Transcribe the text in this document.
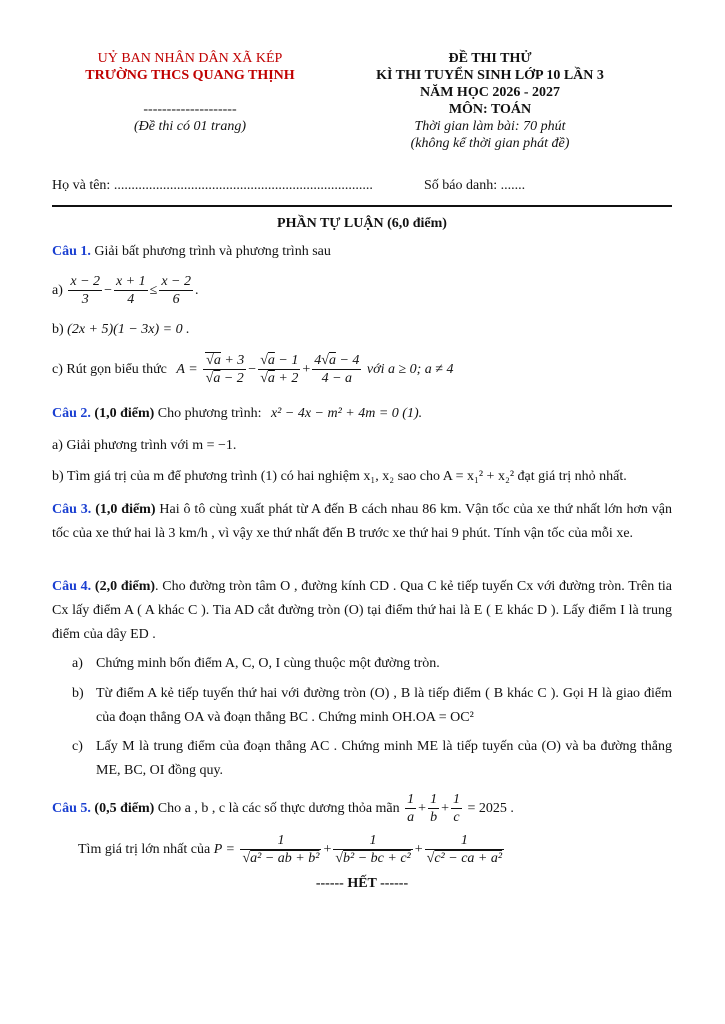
UỶ BAN NHÂN DÂN XÃ KÉP
TRƯỜNG THCS QUANG THỊNH
--------------------
(Đề thi có 01 trang)
ĐỀ THI THỬ
KÌ THI TUYỂN SINH LỚP 10 LẦN 3
NĂM HỌC 2026 - 2027
MÔN: TOÁN
Thời gian làm bài: 70 phút
(không kể thời gian phát đề)
Họ và tên: ..........................................................................	Số báo danh: .......
PHẦN TỰ LUẬN (6,0 điểm)
Câu 1. Giải bất phương trình và phương trình sau
$a) \frac{x - 2}{3} - \frac{x + 1}{4} \le \frac{x - 2}{6}$ .
b) (2x + 5)(1 − 3x) = 0 .
c) Rút gọn biểu thức $A = \frac{√a + 3}{√a - 2} - \frac{√a - 1}{√a + 2} + \frac{4√a - 4}{4 - a}$ với a ≥ 0; a ≠ 4
Câu 2. (1,0 điểm) Cho phương trình: x² − 4x − m² + 4m = 0 (1).
a) Giải phương trình với m = −1.
b) Tìm giá trị của m để phương trình (1) có hai nghiệm x₁, x₂ sao cho A = x₁² + x₂² đạt giá trị nhỏ nhất.
Câu 3. (1,0 điểm) Hai ô tô cùng xuất phát từ A đến B cách nhau 86 km. Vận tốc của xe thứ nhất lớn hơn vận tốc của xe thứ hai là 3 km/h , vì vậy xe thứ nhất đến B trước xe thứ hai 9 phút. Tính vận tốc của mỗi xe.
Câu 4. (2,0 điểm). Cho đường tròn tâm O , đường kính CD . Qua C kẻ tiếp tuyến Cx với đường tròn. Trên tia Cx lấy điểm A ( A khác C ). Tia AD cắt đường tròn (O) tại điểm thứ hai là E ( E khác D ). Lấy điểm I là trung điểm của dây ED .
a) Chứng minh bốn điểm A, C, O, I cùng thuộc một đường tròn.
b) Từ điểm A kẻ tiếp tuyến thứ hai với đường tròn (O) , B là tiếp điểm ( B khác C ). Gọi H là giao điểm của đoạn thẳng OA và đoạn thẳng BC . Chứng minh OH.OA = OC²
c) Lấy M là trung điểm của đoạn thẳng AC . Chứng minh ME là tiếp tuyến của (O) và ba đường thẳng ME, BC, OI đồng quy.
Câu 5. (0,5 điểm) Cho a , b , c là các số thực dương thỏa mãn $\frac{1}{a} + \frac{1}{b} + \frac{1}{c} = 2025$ .
Tìm giá trị lớn nhất của $P = \frac{1}{\text{√a² − ab + b²}} + \frac{1}{\text{√b² − bc + c²}} + \frac{1}{\text{√c² − ca + a²}}$
------ HẾT ------
